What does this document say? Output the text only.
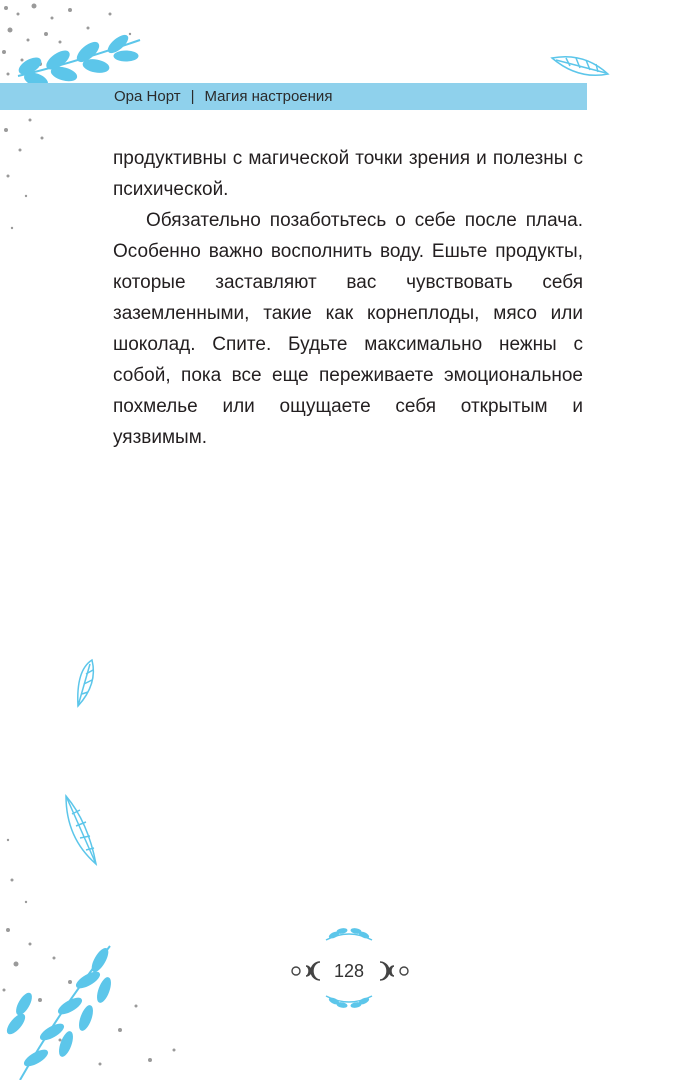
Ора Норт | Магия настроения

продуктивны с магической точки зрения и полезны с психической.

Обязательно позаботьтесь о себе после плача. Особенно важно восполнить воду. Ешьте продукты, которые заставляют вас чувствовать себя заземленными, такие как корнеплоды, мясо или шоколад. Спите. Будьте максимально нежны с собой, пока все еще переживаете эмоциональное похмелье или ощущаете себя открытым и уязвимым.

128
